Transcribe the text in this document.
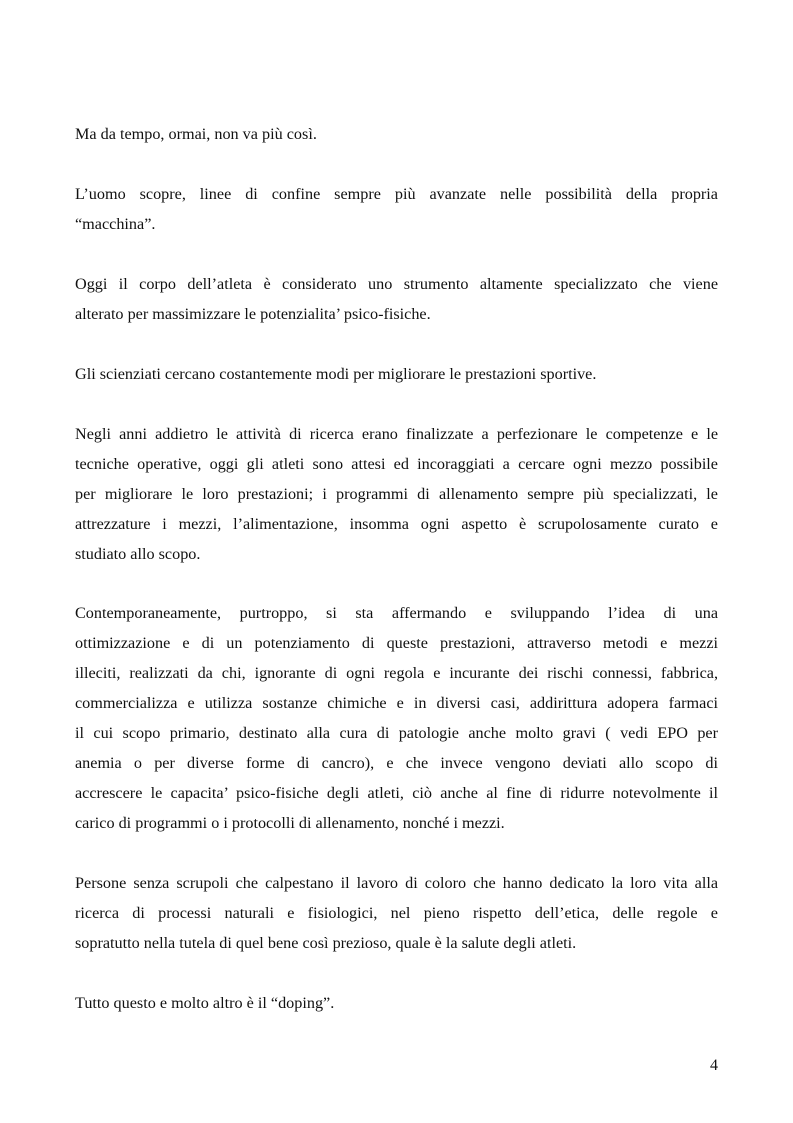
Ma da tempo, ormai, non va più così.

L’uomo scopre, linee di confine sempre più avanzate nelle possibilità della propria
“macchina”.

Oggi il corpo dell’atleta è considerato uno strumento altamente specializzato che viene
alterato per massimizzare le potenzialita’ psico-fisiche.

Gli scienziati cercano costantemente modi per migliorare le prestazioni sportive.

Negli anni addietro le attività di ricerca erano finalizzate a perfezionare le competenze e le
tecniche operative, oggi gli atleti sono attesi ed incoraggiati a cercare ogni mezzo possibile
per migliorare le loro prestazioni; i programmi di allenamento sempre più specializzati, le
attrezzature i mezzi, l’alimentazione, insomma ogni aspetto è scrupolosamente curato e
studiato allo scopo.

Contemporaneamente, purtroppo, si sta affermando e sviluppando l’idea di una
ottimizzazione e di un potenziamento di queste prestazioni, attraverso metodi e mezzi
illeciti, realizzati da chi, ignorante di ogni regola e incurante dei rischi connessi, fabbrica,
commercializza e utilizza sostanze chimiche e in diversi casi, addirittura adopera farmaci
il cui scopo primario, destinato alla cura di patologie anche molto gravi ( vedi EPO per
anemia o per diverse forme di cancro), e che invece vengono deviati allo scopo di
accrescere le capacita’ psico-fisiche degli atleti, ciò anche al fine di ridurre notevolmente il
carico di programmi o i protocolli di allenamento, nonché i mezzi.

Persone senza scrupoli che calpestano il lavoro di coloro che hanno dedicato la loro vita alla
ricerca di processi naturali e fisiologici, nel pieno rispetto dell’etica, delle regole e
sopratutto nella tutela di quel bene così prezioso, quale è la salute degli atleti.

Tutto questo e molto altro è il “doping”.

4
